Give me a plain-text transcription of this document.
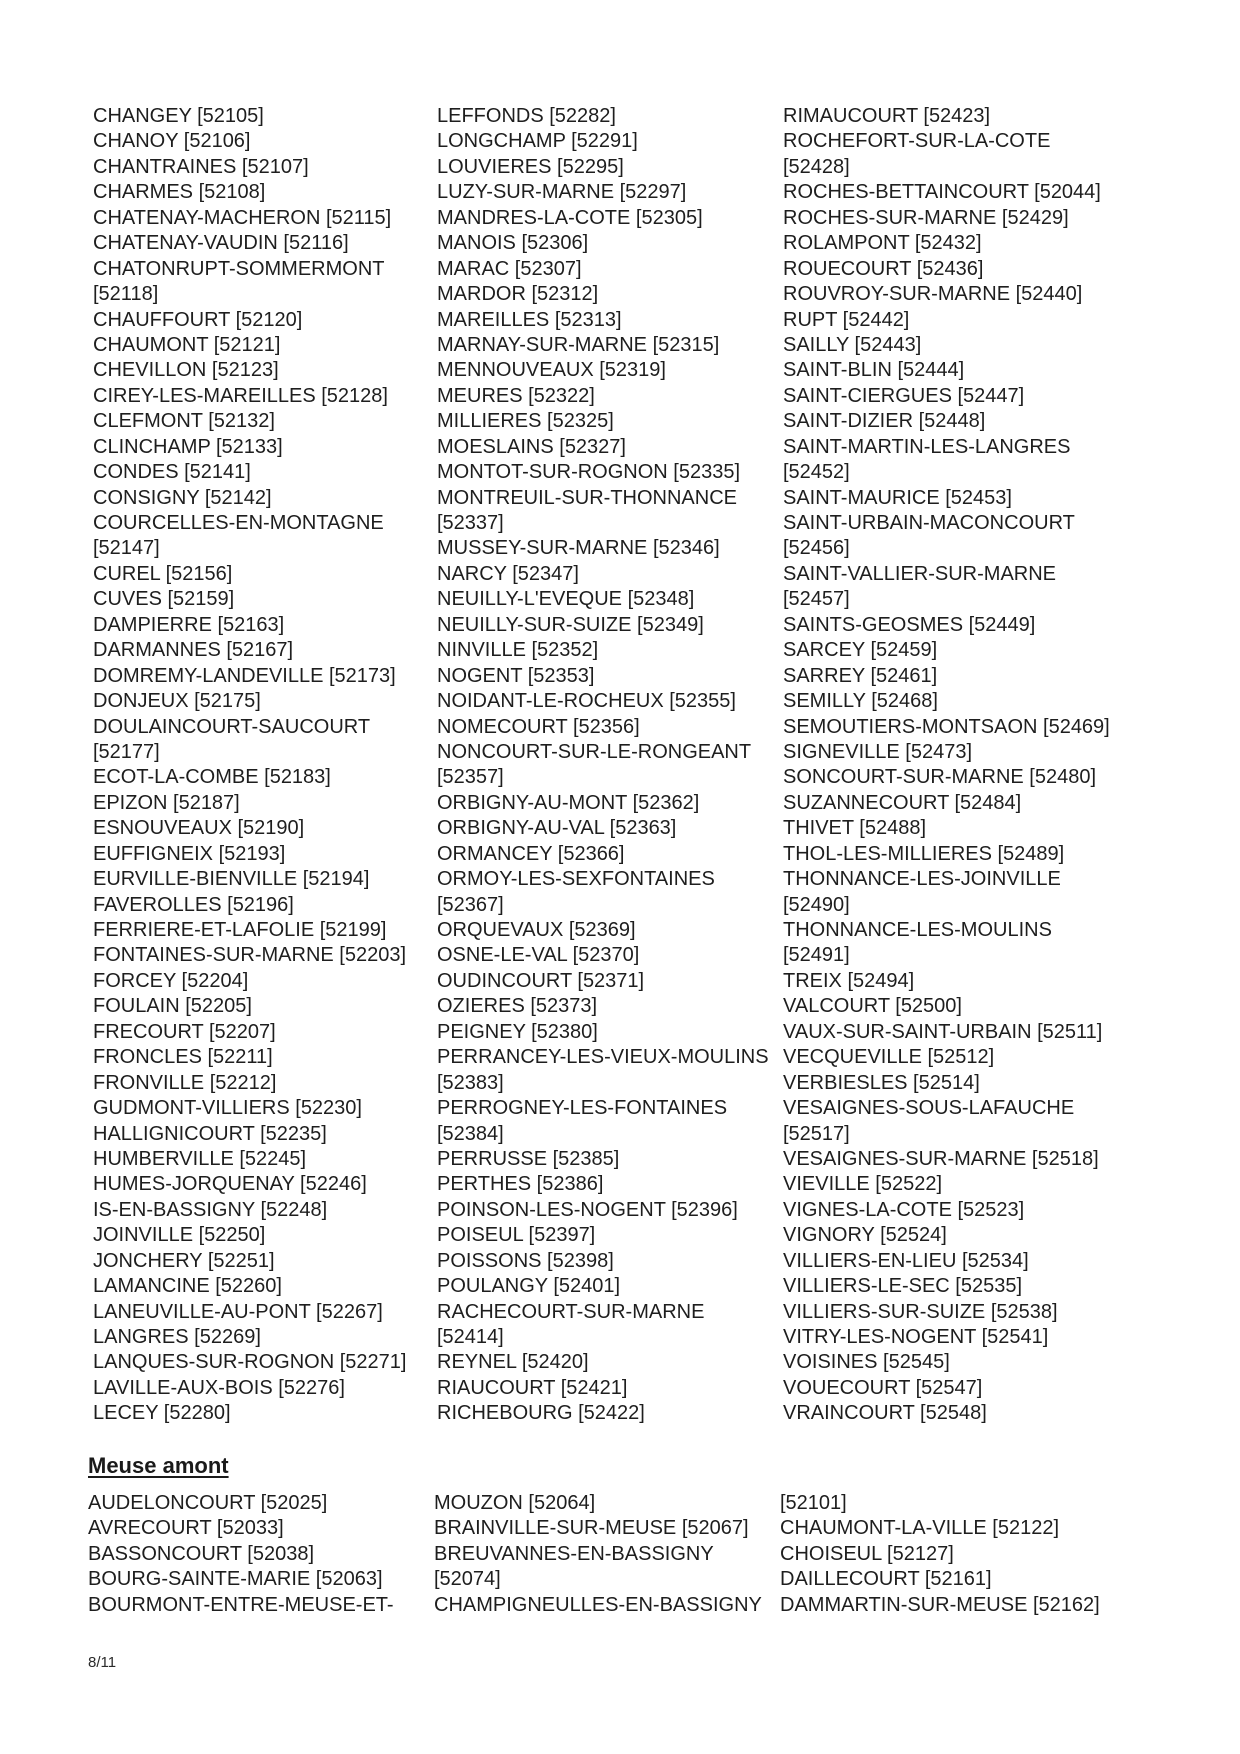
CHANGEY [52105]
CHANOY [52106]
CHANTRAINES [52107]
CHARMES [52108]
CHATENAY-MACHERON [52115]
CHATENAY-VAUDIN [52116]
CHATONRUPT-SOMMERMONT
[52118]
CHAUFFOURT [52120]
CHAUMONT [52121]
CHEVILLON [52123]
CIREY-LES-MAREILLES [52128]
CLEFMONT [52132]
CLINCHAMP [52133]
CONDES [52141]
CONSIGNY [52142]
COURCELLES-EN-MONTAGNE
[52147]
CUREL [52156]
CUVES [52159]
DAMPIERRE [52163]
DARMANNES [52167]
DOMREMY-LANDEVILLE [52173]
DONJEUX [52175]
DOULAINCOURT-SAUCOURT
[52177]
ECOT-LA-COMBE [52183]
EPIZON [52187]
ESNOUVEAUX [52190]
EUFFIGNEIX [52193]
EURVILLE-BIENVILLE [52194]
FAVEROLLES [52196]
FERRIERE-ET-LAFOLIE [52199]
FONTAINES-SUR-MARNE [52203]
FORCEY [52204]
FOULAIN [52205]
FRECOURT [52207]
FRONCLES [52211]
FRONVILLE [52212]
GUDMONT-VILLIERS [52230]
HALLIGNICOURT [52235]
HUMBERVILLE [52245]
HUMES-JORQUENAY [52246]
IS-EN-BASSIGNY [52248]
JOINVILLE [52250]
JONCHERY [52251]
LAMANCINE [52260]
LANEUVILLE-AU-PONT [52267]
LANGRES [52269]
LANQUES-SUR-ROGNON [52271]
LAVILLE-AUX-BOIS [52276]
LECEY [52280]
LEFFONDS [52282]
LONGCHAMP [52291]
LOUVIERES [52295]
LUZY-SUR-MARNE [52297]
MANDRES-LA-COTE [52305]
MANOIS [52306]
MARAC [52307]
MARDOR [52312]
MAREILLES [52313]
MARNAY-SUR-MARNE [52315]
MENNOUVEAUX [52319]
MEURES [52322]
MILLIERES [52325]
MOESLAINS [52327]
MONTOT-SUR-ROGNON [52335]
MONTREUIL-SUR-THONNANCE
[52337]
MUSSEY-SUR-MARNE [52346]
NARCY [52347]
NEUILLY-L'EVEQUE [52348]
NEUILLY-SUR-SUIZE [52349]
NINVILLE [52352]
NOGENT [52353]
NOIDANT-LE-ROCHEUX [52355]
NOMECOURT [52356]
NONCOURT-SUR-LE-RONGEANT
[52357]
ORBIGNY-AU-MONT [52362]
ORBIGNY-AU-VAL [52363]
ORMANCEY [52366]
ORMOY-LES-SEXFONTAINES
[52367]
ORQUEVAUX [52369]
OSNE-LE-VAL [52370]
OUDINCOURT [52371]
OZIERES [52373]
PEIGNEY [52380]
PERRANCEY-LES-VIEUX-MOULINS
[52383]
PERROGNEY-LES-FONTAINES
[52384]
PERRUSSE [52385]
PERTHES [52386]
POINSON-LES-NOGENT [52396]
POISEUL [52397]
POISSONS [52398]
POULANGY [52401]
RACHECOURT-SUR-MARNE
[52414]
REYNEL [52420]
RIAUCOURT [52421]
RICHEBOURG [52422]
RIMAUCOURT [52423]
ROCHEFORT-SUR-LA-COTE
[52428]
ROCHES-BETTAINCOURT [52044]
ROCHES-SUR-MARNE [52429]
ROLAMPONT [52432]
ROUECOURT [52436]
ROUVROY-SUR-MARNE [52440]
RUPT [52442]
SAILLY [52443]
SAINT-BLIN [52444]
SAINT-CIERGUES [52447]
SAINT-DIZIER [52448]
SAINT-MARTIN-LES-LANGRES
[52452]
SAINT-MAURICE [52453]
SAINT-URBAIN-MACONCOURT
[52456]
SAINT-VALLIER-SUR-MARNE
[52457]
SAINTS-GEOSMES [52449]
SARCEY [52459]
SARREY [52461]
SEMILLY [52468]
SEMOUTIERS-MONTSAON [52469]
SIGNEVILLE [52473]
SONCOURT-SUR-MARNE [52480]
SUZANNECOURT [52484]
THIVET [52488]
THOL-LES-MILLIERES [52489]
THONNANCE-LES-JOINVILLE
[52490]
THONNANCE-LES-MOULINS
[52491]
TREIX [52494]
VALCOURT [52500]
VAUX-SUR-SAINT-URBAIN [52511]
VECQUEVILLE [52512]
VERBIESLES [52514]
VESAIGNES-SOUS-LAFAUCHE
[52517]
VESAIGNES-SUR-MARNE [52518]
VIEVILLE [52522]
VIGNES-LA-COTE [52523]
VIGNORY [52524]
VILLIERS-EN-LIEU [52534]
VILLIERS-LE-SEC [52535]
VILLIERS-SUR-SUIZE [52538]
VITRY-LES-NOGENT [52541]
VOISINES [52545]
VOUECOURT [52547]
VRAINCOURT [52548]
Meuse amont
AUDELONCOURT [52025]
AVRECOURT [52033]
BASSONCOURT [52038]
BOURG-SAINTE-MARIE [52063]
BOURMONT-ENTRE-MEUSE-ET-
MOUZON [52064]
BRAINVILLE-SUR-MEUSE [52067]
BREUVANNES-EN-BASSIGNY
[52074]
CHAMPIGNEULLES-EN-BASSIGNY
[52101]
CHAUMONT-LA-VILLE [52122]
CHOISEUL [52127]
DAILLECOURT [52161]
DAMMARTIN-SUR-MEUSE [52162]
8/11
